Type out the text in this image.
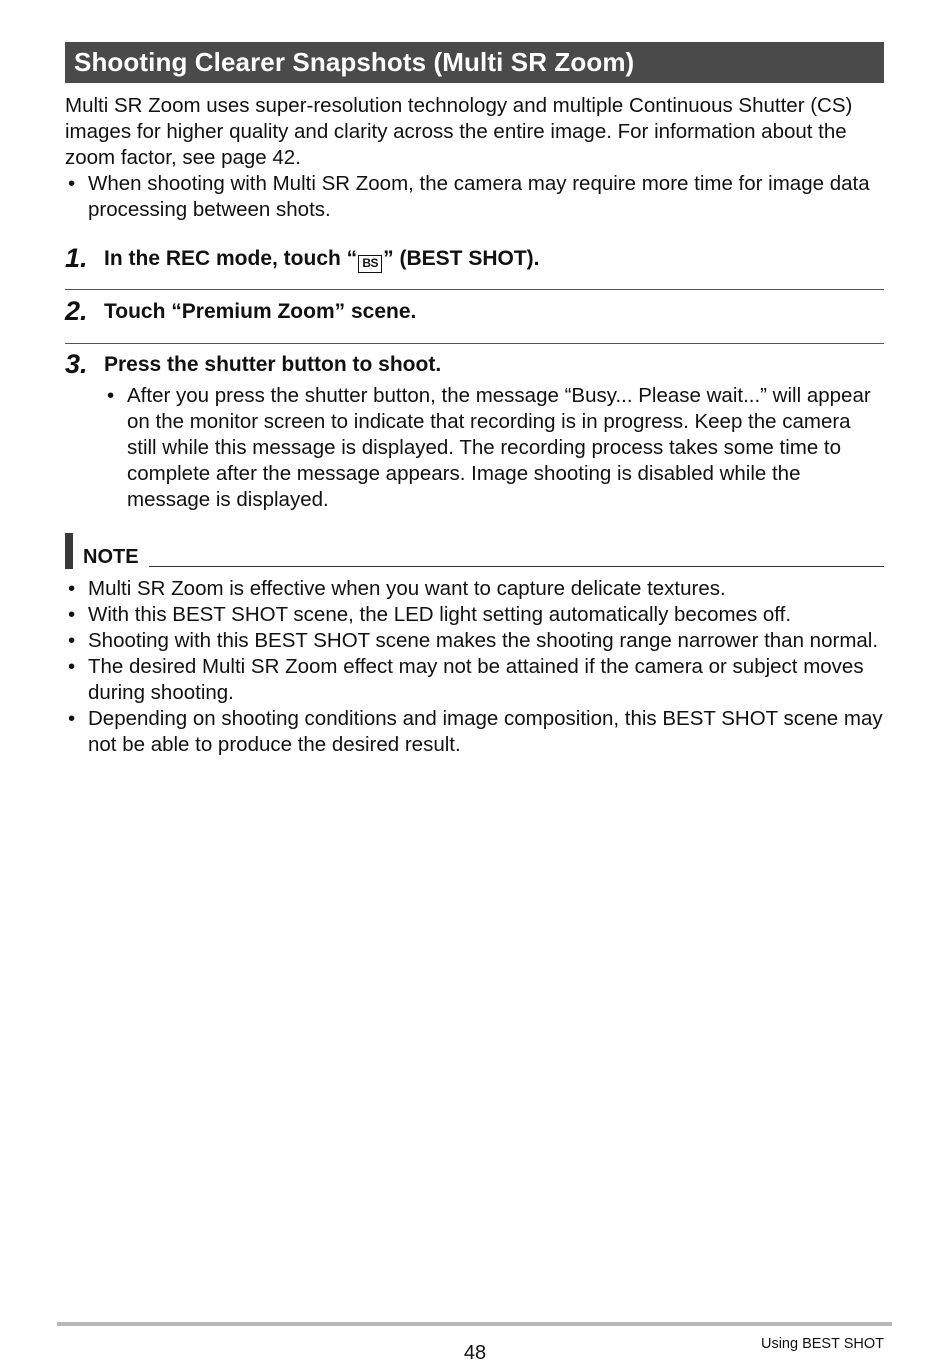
Shooting Clearer Snapshots (Multi SR Zoom)

Multi SR Zoom uses super-resolution technology and multiple Continuous Shutter (CS) images for higher quality and clarity across the entire image. For information about the zoom factor, see page 42.

• When shooting with Multi SR Zoom, the camera may require more time for image data processing between shots.
1. In the REC mode, touch “ BS ” (BEST SHOT).
2. Touch “Premium Zoom” scene.
3. Press the shutter button to shoot.
• After you press the shutter button, the message “Busy... Please wait...” will appear on the monitor screen to indicate that recording is in progress. Keep the camera still while this message is displayed. The recording process takes some time to complete after the message appears. Image shooting is disabled while the message is displayed.
NOTE
• Multi SR Zoom is effective when you want to capture delicate textures.
• With this BEST SHOT scene, the LED light setting automatically becomes off.
• Shooting with this BEST SHOT scene makes the shooting range narrower than normal.
• The desired Multi SR Zoom effect may not be attained if the camera or subject moves during shooting.
• Depending on shooting conditions and image composition, this BEST SHOT scene may not be able to produce the desired result.
48	Using BEST SHOT
